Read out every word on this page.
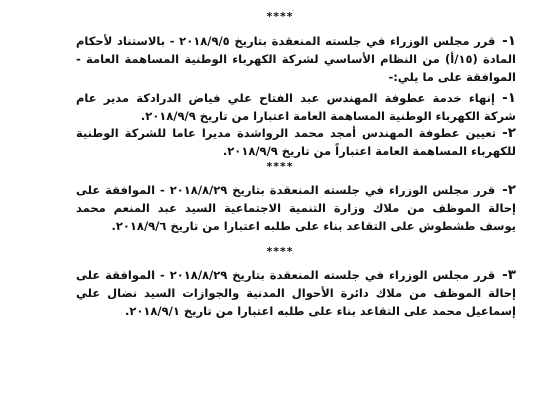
****
١- قرر مجلس الوزراء في جلسته المنعقدة بتاريخ ٢٠١٨/٩/٥ - بالاستناد لأحكام المادة (١٥/أ) من النظام الأساسي لشركة الكهرباء الوطنية المساهمة العامة - الموافقة على ما يلي:-
١- إنهاء خدمة عطوفة المهندس عبد الفتاح علي فياض الدرادكة مدير عام شركة الكهرباء الوطنية المساهمة العامة اعتبارا من تاريخ ٢٠١٨/٩/٩.
٢- تعيين عطوفة المهندس أمجد محمد الرواشدة مديرا عاما للشركة الوطنية للكهرباء المساهمة العامة اعتباراً من تاريخ ٢٠١٨/٩/٩.
****
٢- قرر مجلس الوزراء في جلسته المنعقدة بتاريخ ٢٠١٨/٨/٢٩ - الموافقة على إحالة الموظف من ملاك وزارة التنمية الاجتماعية السيد عبد المنعم محمد يوسف طشطوش على التقاعد بناء على طلبه اعتبارا من تاريخ ٢٠١٨/٩/٦.
****
٣- قرر مجلس الوزراء في جلسته المنعقدة بتاريخ ٢٠١٨/٨/٢٩ - الموافقة على إحالة الموظف من ملاك دائرة الأحوال المدنية والجوازات السيد نضال علي إسماعيل محمد على التقاعد بناء على طلبه اعتبارا من تاريخ ٢٠١٨/٩/١.
